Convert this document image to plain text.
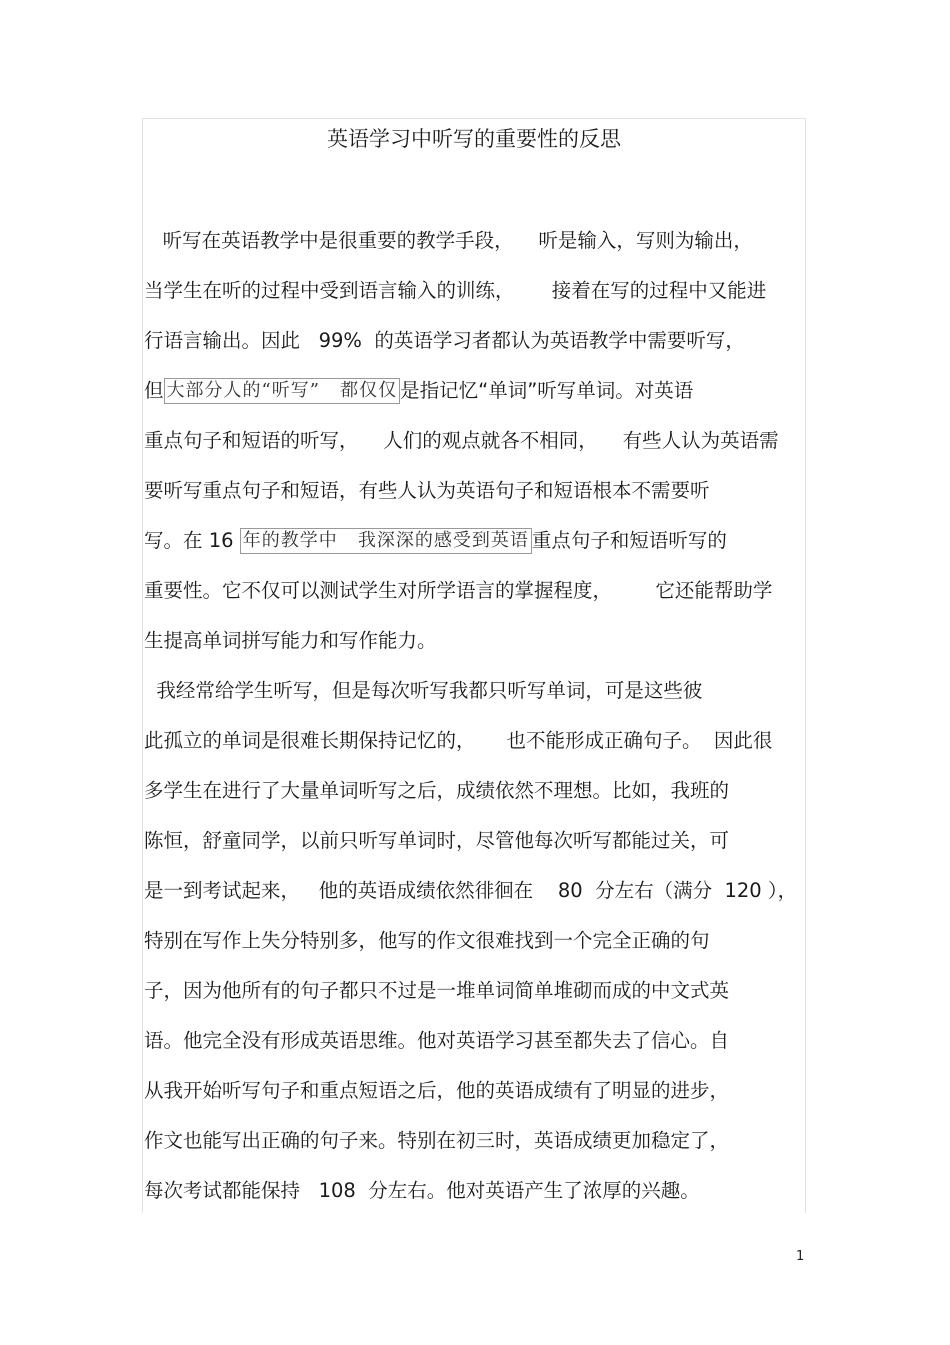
英语学习中听写的重要性的反思

听写在英语教学中是很重要的教学手段，    听是输入，写则为输出，

当学生在听的过程中受到语言输入的训练，      接着在写的过程中又能进

行语言输出。因此   99%  的英语学习者都认为英语教学中需要听写，

但 大部分人的“听写”   都仅仅 是指记忆“单词”听写单词。对英语

重点句子和短语的听写，    人们的观点就各不相同，    有些人认为英语需

要听写重点句子和短语，有些人认为英语句子和短语根本不需要听

写。在 16 年的教学中   我深深的感受到英语 重点句子和短语听写的

重要性。它不仅可以测试学生对所学语言的掌握程度，       它还能帮助学

生提高单词拼写能力和写作能力。

我经常给学生听写，但是每次听写我都只听写单词，可是这些彼

此孤立的单词是很难长期保持记忆的，     也不能形成正确句子。  因此很

多学生在进行了大量单词听写之后，成绩依然不理想。比如，我班的

陈恒，舒童同学，以前只听写单词时，尽管他每次听写都能过关，可

是一到考试起来，   他的英语成绩依然徘徊在    80  分左右（满分  120 ），

特别在写作上失分特别多，他写的作文很难找到一个完全正确的句

子，因为他所有的句子都只不过是一堆单词简单堆砌而成的中文式英

语。他完全没有形成英语思维。他对英语学习甚至都失去了信心。自

从我开始听写句子和重点短语之后，他的英语成绩有了明显的进步，

作文也能写出正确的句子来。特别在初三时，英语成绩更加稳定了，

每次考试都能保持   108  分左右。他对英语产生了浓厚的兴趣。

1
